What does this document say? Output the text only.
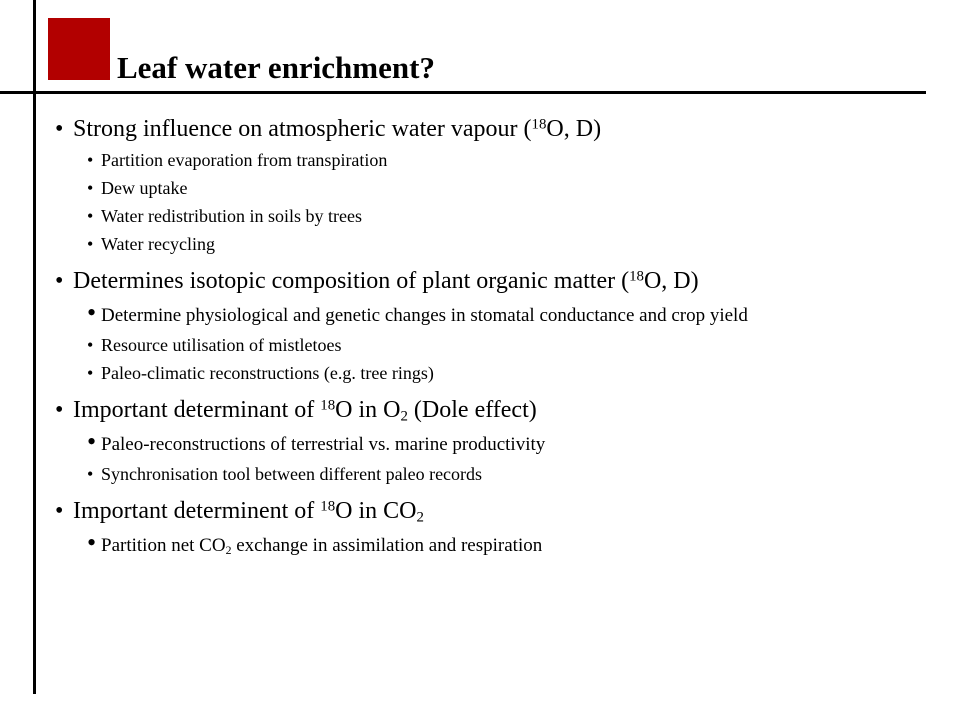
Leaf water enrichment?

• Strong influence on atmospheric water vapour ($^{18}$O, D)

• Partition evaporation from transpiration

• Dew uptake

• Water redistribution in soils by trees

• Water recycling

• Determines isotopic composition of plant organic matter ($^{18}$O, D)

• Determine physiological and genetic changes in stomatal conductance and crop yield

• Resource utilisation of mistletoes

• Paleo-climatic reconstructions (e.g. tree rings)

• Important determinant of $^{18}$O in $O_2$ (Dole effect)

• Paleo-reconstructions of terrestrial vs. marine productivity

• Synchronisation tool between different paleo records

• Important determinent of $^{18}$O in $CO_2$

• Partition net $CO_2$ exchange in assimilation and respiration
